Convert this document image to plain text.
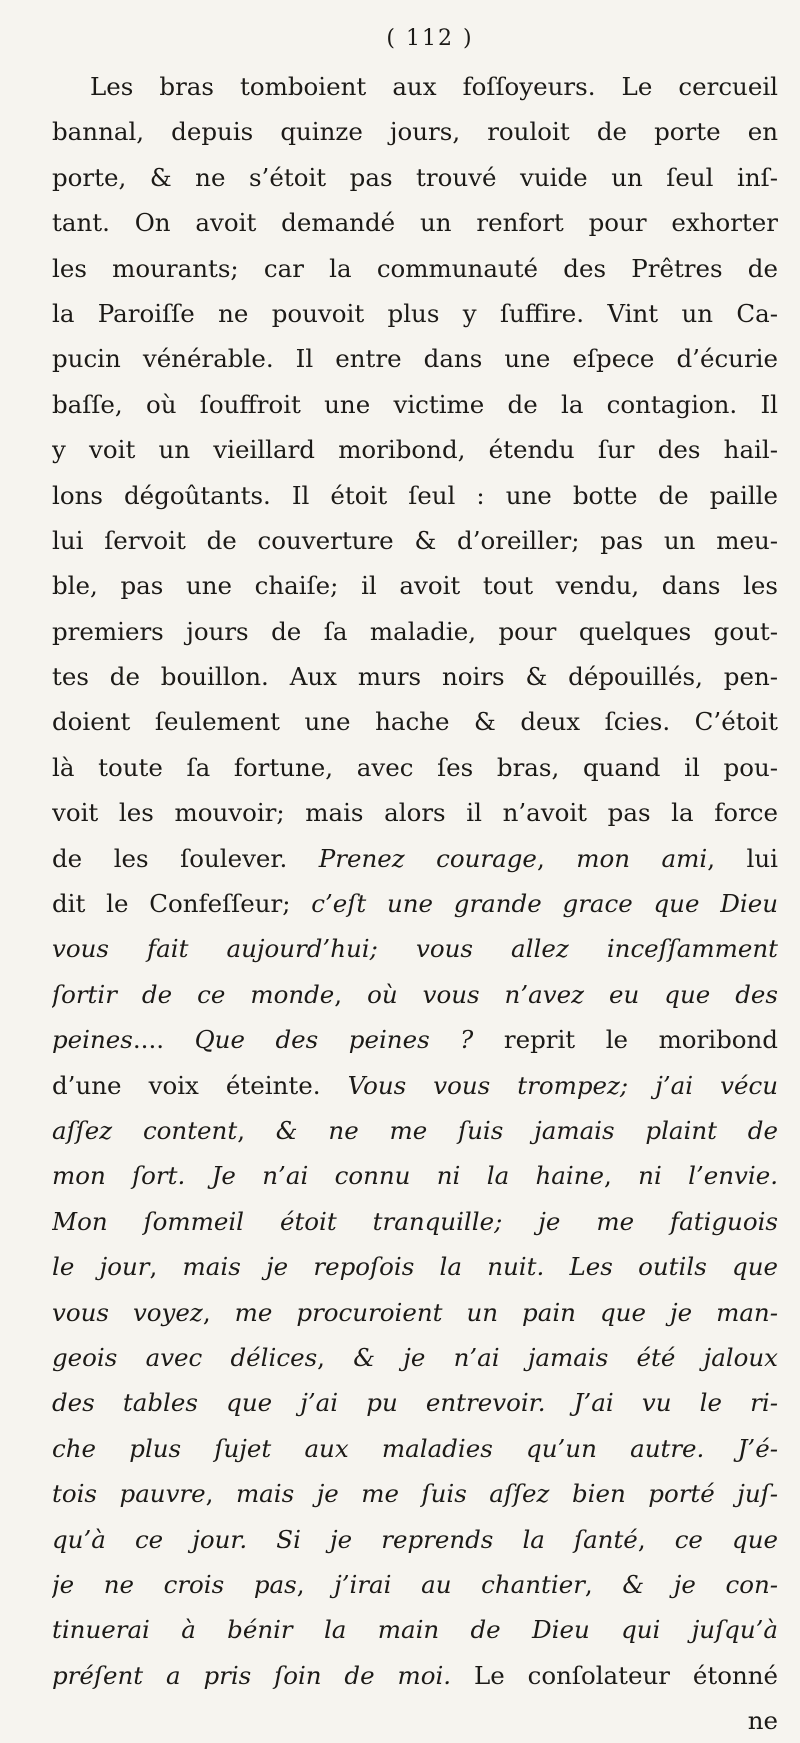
( 112 )
Les bras tomboient aux foſſoyeurs. Le cercueil
bannal, depuis quinze jours, rouloit de porte en
porte, & ne s’étoit pas trouvé vuide un ſeul inſ-
tant. On avoit demandé un renfort pour exhorter
les mourants; car la communauté des Prêtres de
la Paroiſſe ne pouvoit plus y ſuffire. Vint un Ca-
pucin vénérable. Il entre dans une eſpece d’écurie
baſſe, où ſouffroit une victime de la contagion. Il
y voit un vieillard moribond, étendu ſur des hail-
lons dégoûtants. Il étoit ſeul : une botte de paille
lui ſervoit de couverture & d’oreiller; pas un meu-
ble, pas une chaiſe; il avoit tout vendu, dans les
premiers jours de ſa maladie, pour quelques gout-
tes de bouillon. Aux murs noirs & dépouillés, pen-
doient ſeulement une hache & deux ſcies. C’étoit
là toute ſa fortune, avec ſes bras, quand il pou-
voit les mouvoir; mais alors il n’avoit pas la force
de les ſoulever. Prenez courage, mon ami, lui
dit le Confeſſeur; c’eſt une grande grace que Dieu
vous fait aujourd’hui; vous allez inceſſamment
ſortir de ce monde, où vous n’avez eu que des
peines.... Que des peines ? reprit le moribond
d’une voix éteinte. Vous vous trompez; j’ai vécu
aſſez content, & ne me ſuis jamais plaint de
mon ſort. Je n’ai connu ni la haine, ni l’envie.
Mon ſommeil étoit tranquille; je me fatiguois
le jour, mais je repoſois la nuit. Les outils que
vous voyez, me procuroient un pain que je man-
geois avec délices, & je n’ai jamais été jaloux
des tables que j’ai pu entrevoir. J’ai vu le ri-
che plus ſujet aux maladies qu’un autre. J’é-
tois pauvre, mais je me ſuis aſſez bien porté juſ-
qu’à ce jour. Si je reprends la ſanté, ce que
je ne crois pas, j’irai au chantier, & je con-
tinuerai à bénir la main de Dieu qui juſqu’à
préſent a pris ſoin de moi. Le conſolateur étonné
ne
